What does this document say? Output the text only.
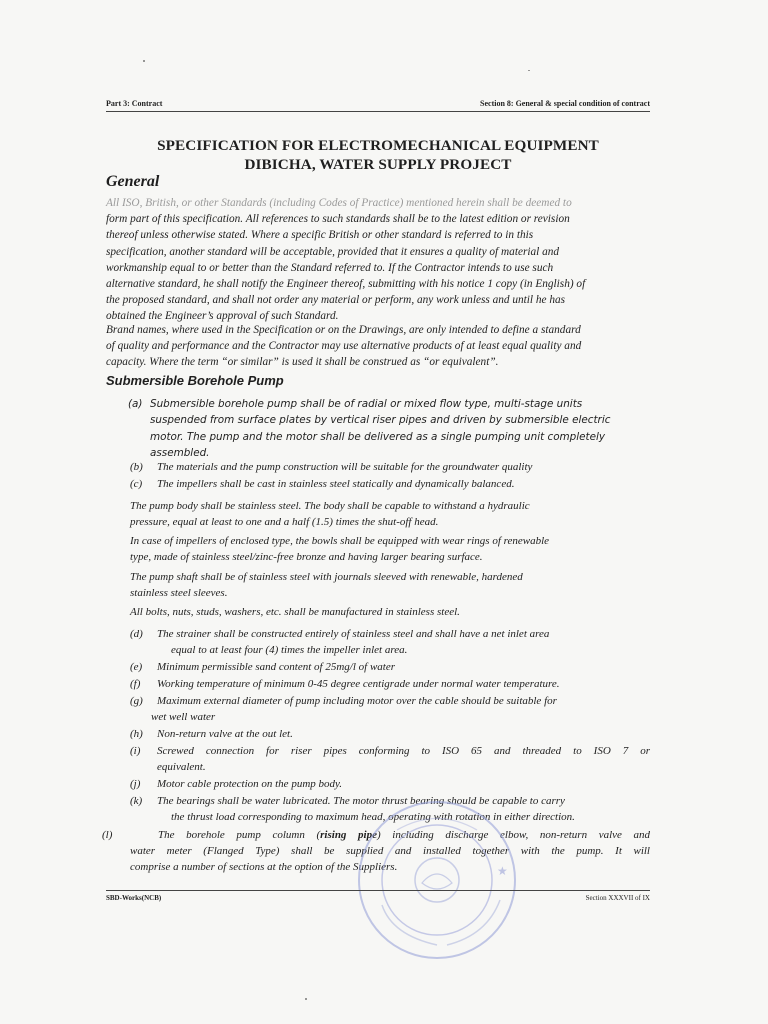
Part 3: Contract	Section 8: General & special condition of contract
SPECIFICATION FOR ELECTROMECHANICAL EQUIPMENT
DIBICHA, WATER SUPPLY PROJECT
General
All ISO, British, or other Standards (including Codes of Practice) mentioned herein shall be deemed to
form part of this specification. All references to such standards shall be to the latest edition or revision
thereof unless otherwise stated. Where a specific British or other standard is referred to in this
specification, another standard will be acceptable, provided that it ensures a quality of material and
workmanship equal to or better than the Standard referred to. If the Contractor intends to use such
alternative standard, he shall notify the Engineer thereof, submitting with his notice 1 copy (in English) of
the proposed standard, and shall not order any material or perform, any work unless and until he has
obtained the Engineer’s approval of such Standard.
Brand names, where used in the Specification or on the Drawings, are only intended to define a standard
of quality and performance and the Contractor may use alternative products of at least equal quality and
capacity. Where the term “or similar” is used it shall be construed as “or equivalent”.
Submersible Borehole Pump
(a) Submersible borehole pump shall be of radial or mixed flow type, multi-stage units
suspended from surface plates by vertical riser pipes and driven by submersible electric
motor. The pump and the motor shall be delivered as a single pumping unit completely
assembled.
(b)	The materials and the pump construction will be suitable for the groundwater quality
(c)	The impellers shall be cast in stainless steel statically and dynamically balanced.
The pump body shall be stainless steel. The body shall be capable to withstand a hydraulic
pressure, equal at least to one and a half (1.5) times the shut-off head.
In case of impellers of enclosed type, the bowls shall be equipped with wear rings of renewable
type, made of stainless steel/zinc-free bronze and having larger bearing surface.
The pump shaft shall be of stainless steel with journals sleeved with renewable, hardened
stainless steel sleeves.
All bolts, nuts, studs, washers, etc. shall be manufactured in stainless steel.
(d)	The strainer shall be constructed entirely of stainless steel and shall have a net inlet area
equal to at least four (4) times the impeller inlet area.
(e)	Minimum permissible sand content of 25mg/l of water
(f)	Working temperature of minimum 0-45 degree centigrade under normal water temperature.
(g)	Maximum external diameter of pump including motor over the cable should be suitable for
wet well water
(h)	Non-return valve at the out let.
(i)	Screwed connection for riser pipes conforming to ISO 65 and threaded to ISO 7 or
equivalent.
(j)	Motor cable protection on the pump body.
(k)	The bearings shall be water lubricated. The motor thrust bearing should be capable to carry
the thrust load corresponding to maximum head, operating with rotation in either direction.
(l)	The borehole pump column (rising pipe) including discharge elbow, non-return valve and
water meter (Flanged Type) shall be supplied and installed together with the pump. It will
comprise a number of sections at the option of the Suppliers.	★
SBD-Works(NCB)	Section XXXVII of IX
